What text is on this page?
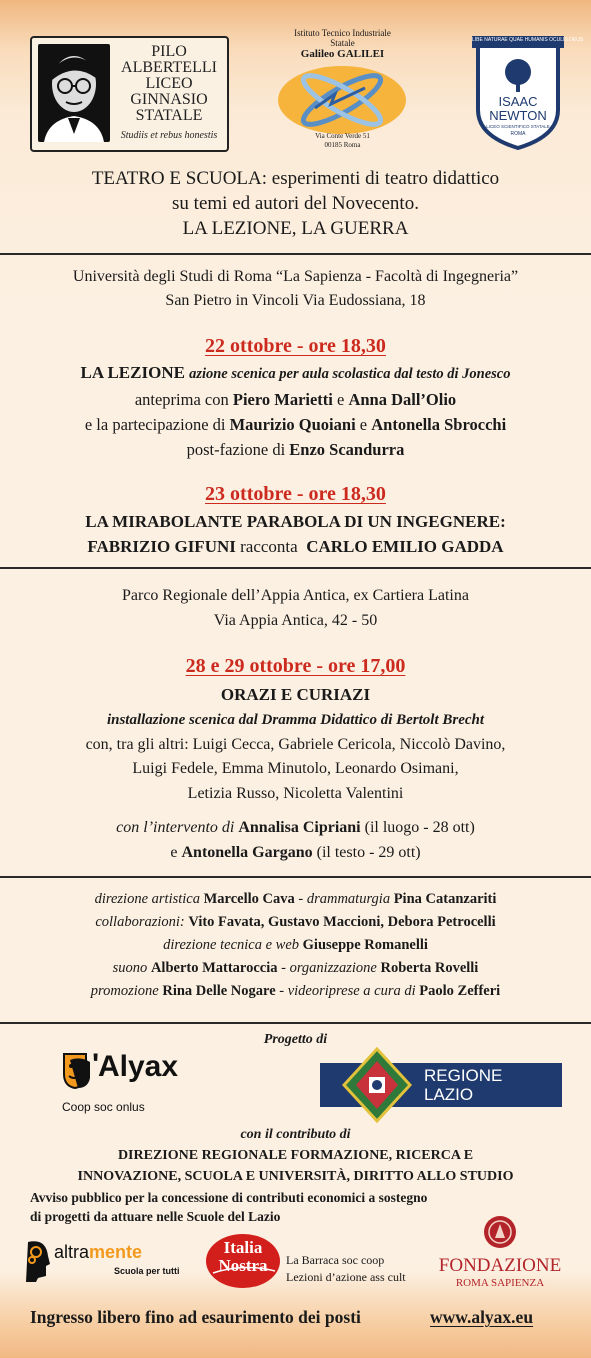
PILO
ALBERTELLI
LICEO
GINNASIO
STATALE
Studiis et rebus honestis
Istituto Tecnico Industriale
Statale
Galileo GALILEI
Via Conte Verde 51
00185 Roma
LIBE NATURAE QUAE HUMANIS OCULIS DEUS
ISAAC
NEWTON
LICEO SCIENTIFICO STATALE
ROMA
TEATRO E SCUOLA: esperimenti di teatro didattico
su temi ed autori del Novecento.
LA LEZIONE, LA GUERRA
Università degli Studi di Roma “La Sapienza - Facoltà di Ingegneria”
San Pietro in Vincoli Via Eudossiana, 18
22 ottobre - ore 18,30
LA LEZIONE azione scenica per aula scolastica dal testo di Jonesco
anteprima con Piero Marietti e Anna Dall’Olio
e la partecipazione di Maurizio Quoiani e Antonella Sbrocchi
post-fazione di Enzo Scandurra
23 ottobre - ore 18,30
LA MIRABOLANTE PARABOLA DI UN INGEGNERE:
FABRIZIO GIFUNI racconta CARLO EMILIO GADDA
Parco Regionale dell’Appia Antica, ex Cartiera Latina
Via Appia Antica, 42 - 50
28 e 29 ottobre - ore 17,00
ORAZI E CURIAZI
installazione scenica dal Dramma Didattico di Bertolt Brecht
con, tra gli altri: Luigi Cecca, Gabriele Cericola, Niccolò Davino,
Luigi Fedele, Emma Minutolo, Leonardo Osimani,
Letizia Russo, Nicoletta Valentini
con l’intervento di Annalisa Cipriani (il luogo - 28 ott)
e Antonella Gargano (il testo - 29 ott)
direzione artistica Marcello Cava - drammaturgia Pina Catanzariti
collaborazioni: Vito Favata, Gustavo Maccioni, Debora Petrocelli
direzione tecnica e web Giuseppe Romanelli
suono Alberto Mattaroccia - organizzazione Roberta Rovelli
promozione Rina Delle Nogare - videoriprese a cura di Paolo Zefferi
Progetto di
Alyax
'
Coop soc onlus
REGIONE
LAZIO
con il contributo di
DIREZIONE REGIONALE FORMAZIONE, RICERCA E
INNOVAZIONE, SCUOLA E UNIVERSITÀ, DIRITTO ALLO STUDIO
Avviso pubblico per la concessione di contributi economici a sostegno
di progetti da attuare nelle Scuole del Lazio
altramente
Scuola per tutti
Italia
Nostra	La Barraca soc coop
Lezioni d’azione ass cult
FONDAZIONE
ROMA SAPIENZA
Ingresso libero fino ad esaurimento dei posti	www.alyax.eu
